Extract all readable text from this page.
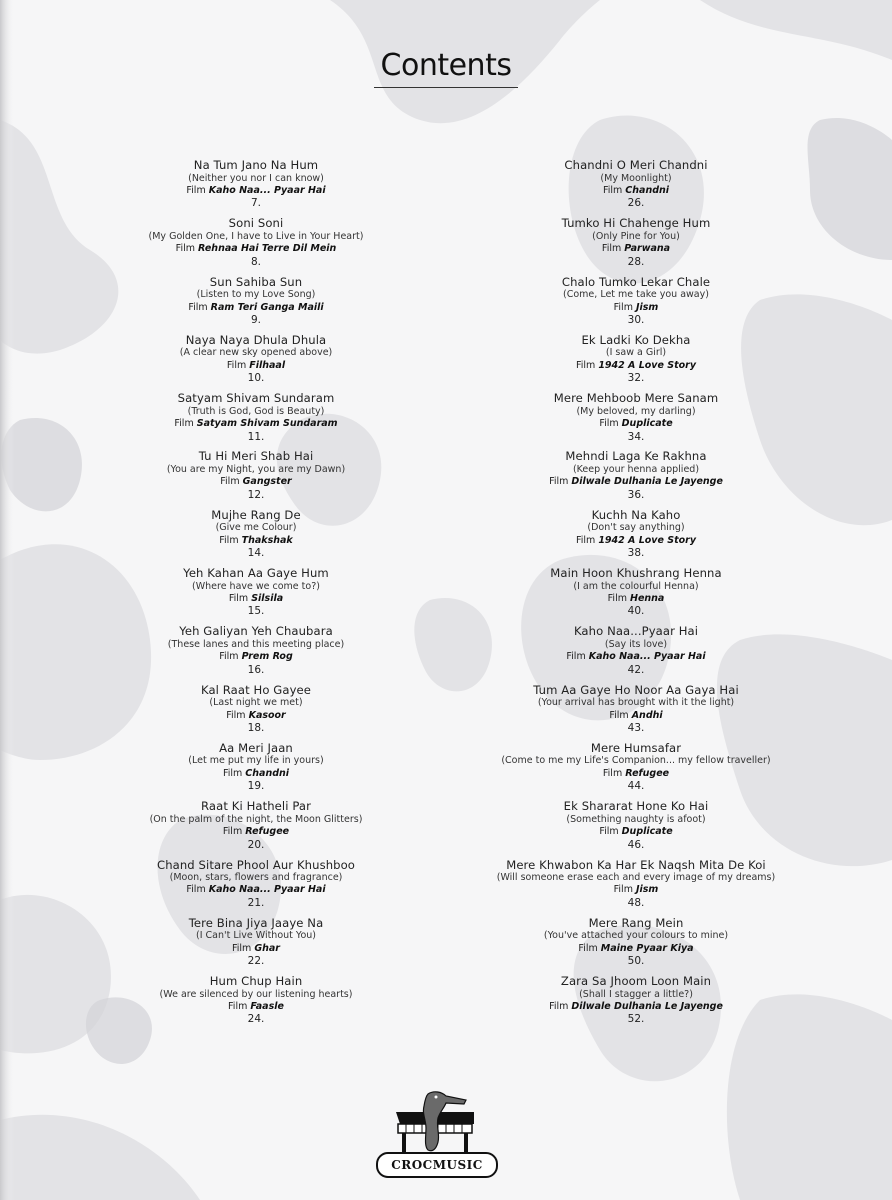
Contents
Na Tum Jano Na Hum
(Neither you nor I can know)
Film Kaho Naa... Pyaar Hai
7.
Soni Soni
(My Golden One, I have to Live in Your Heart)
Film Rehnaa Hai Terre Dil Mein
8.
Sun Sahiba Sun
(Listen to my Love Song)
Film Ram Teri Ganga Maili
9.
Naya Naya Dhula Dhula
(A clear new sky opened above)
Film Filhaal
10.
Satyam Shivam Sundaram
(Truth is God, God is Beauty)
Film Satyam Shivam Sundaram
11.
Tu Hi Meri Shab Hai
(You are my Night, you are my Dawn)
Film Gangster
12.
Mujhe Rang De
(Give me Colour)
Film Thakshak
14.
Yeh Kahan Aa Gaye Hum
(Where have we come to?)
Film Silsila
15.
Yeh Galiyan Yeh Chaubara
(These lanes and this meeting place)
Film Prem Rog
16.
Kal Raat Ho Gayee
(Last night we met)
Film Kasoor
18.
Aa Meri Jaan
(Let me put my life in yours)
Film Chandni
19.
Raat Ki Hatheli Par
(On the palm of the night, the Moon Glitters)
Film Refugee
20.
Chand Sitare Phool Aur Khushboo
(Moon, stars, flowers and fragrance)
Film Kaho Naa... Pyaar Hai
21.
Tere Bina Jiya Jaaye Na
(I Can't Live Without You)
Film Ghar
22.
Hum Chup Hain
(We are silenced by our listening hearts)
Film Faasle
24.
Chandni O Meri Chandni
(My Moonlight)
Film Chandni
26.
Tumko Hi Chahenge Hum
(Only Pine for You)
Film Parwana
28.
Chalo Tumko Lekar Chale
(Come, Let me take you away)
Film Jism
30.
Ek Ladki Ko Dekha
(I saw a Girl)
Film 1942 A Love Story
32.
Mere Mehboob Mere Sanam
(My beloved, my darling)
Film Duplicate
34.
Mehndi Laga Ke Rakhna
(Keep your henna applied)
Film Dilwale Dulhania Le Jayenge
36.
Kuchh Na Kaho
(Don't say anything)
Film 1942 A Love Story
38.
Main Hoon Khushrang Henna
(I am the colourful Henna)
Film Henna
40.
Kaho Naa...Pyaar Hai
(Say its love)
Film Kaho Naa... Pyaar Hai
42.
Tum Aa Gaye Ho Noor Aa Gaya Hai
(Your arrival has brought with it the light)
Film Andhi
43.
Mere Humsafar
(Come to me my Life's Companion... my fellow traveller)
Film Refugee
44.
Ek Shararat Hone Ko Hai
(Something naughty is afoot)
Film Duplicate
46.
Mere Khwabon Ka Har Ek Naqsh Mita De Koi
(Will someone erase each and every image of my dreams)
Film Jism
48.
Mere Rang Mein
(You've attached your colours to mine)
Film Maine Pyaar Kiya
50.
Zara Sa Jhoom Loon Main
(Shall I stagger a little?)
Film Dilwale Dulhania Le Jayenge
52.
CROCMUSIC
